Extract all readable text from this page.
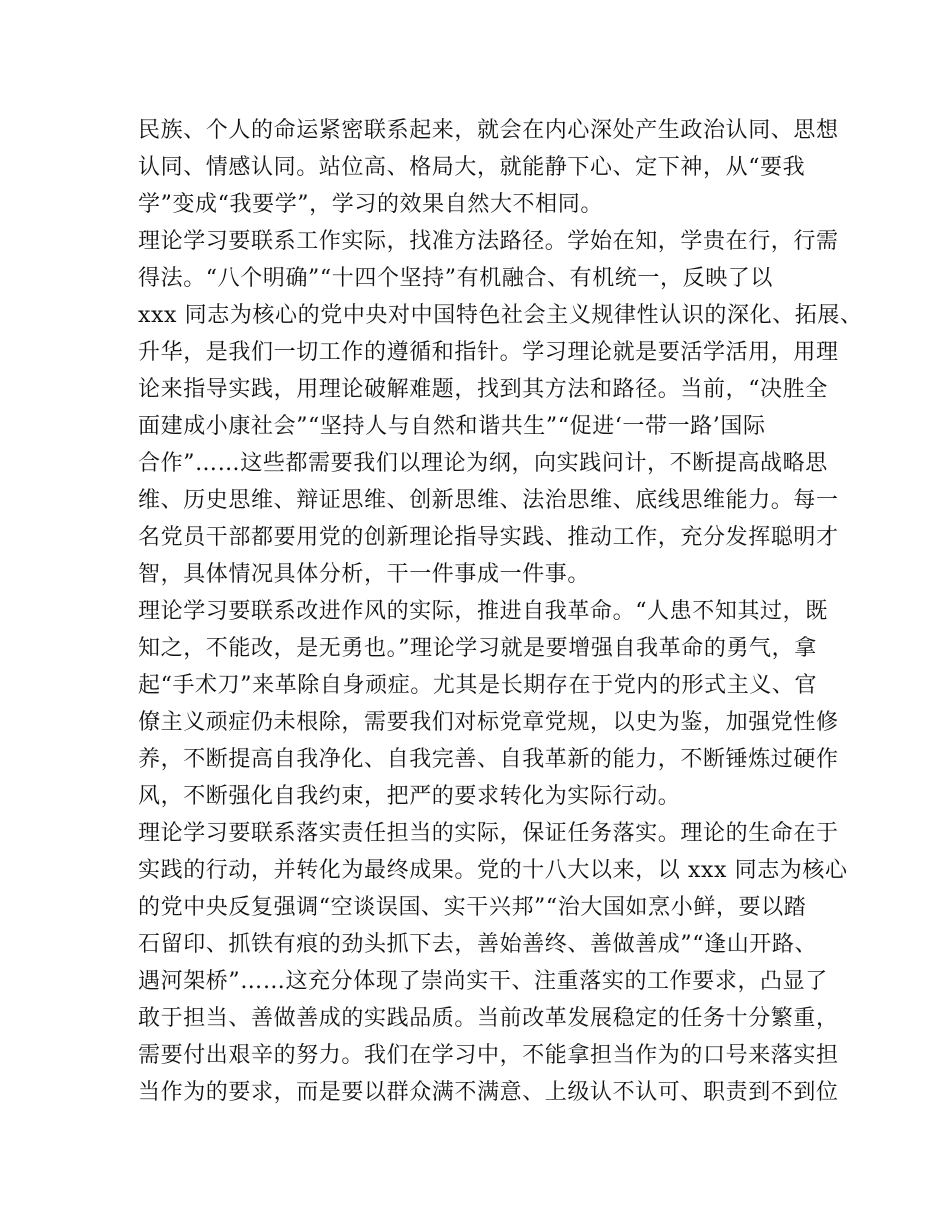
民族、个人的命运紧密联系起来，就会在内心深处产生政治认同、思想
认同、情感认同。站位高、格局大，就能静下心、定下神，从“要我
学”变成“我要学”，学习的效果自然大不相同。
理论学习要联系工作实际，找准方法路径。学始在知，学贵在行，行需
得法。“八个明确”“十四个坚持”有机融合、有机统一，反映了以
xxx 同志为核心的党中央对中国特色社会主义规律性认识的深化、拓展、
升华，是我们一切工作的遵循和指针。学习理论就是要活学活用，用理
论来指导实践，用理论破解难题，找到其方法和路径。当前，“决胜全
面建成小康社会”“坚持人与自然和谐共生”“促进‘一带一路’国际
合作”……这些都需要我们以理论为纲，向实践问计，不断提高战略思
维、历史思维、辩证思维、创新思维、法治思维、底线思维能力。每一
名党员干部都要用党的创新理论指导实践、推动工作，充分发挥聪明才
智，具体情况具体分析，干一件事成一件事。
理论学习要联系改进作风的实际，推进自我革命。“人患不知其过，既
知之，不能改，是无勇也。”理论学习就是要增强自我革命的勇气，拿
起“手术刀”来革除自身顽症。尤其是长期存在于党内的形式主义、官
僚主义顽症仍未根除，需要我们对标党章党规，以史为鉴，加强党性修
养，不断提高自我净化、自我完善、自我革新的能力，不断锤炼过硬作
风，不断强化自我约束，把严的要求转化为实际行动。
理论学习要联系落实责任担当的实际，保证任务落实。理论的生命在于
实践的行动，并转化为最终成果。党的十八大以来，以 xxx 同志为核心
的党中央反复强调“空谈误国、实干兴邦”“治大国如烹小鲜，要以踏
石留印、抓铁有痕的劲头抓下去，善始善终、善做善成”“逢山开路、
遇河架桥”……这充分体现了崇尚实干、注重落实的工作要求，凸显了
敢于担当、善做善成的实践品质。当前改革发展稳定的任务十分繁重，
需要付出艰辛的努力。我们在学习中，不能拿担当作为的口号来落实担
当作为的要求，而是要以群众满不满意、上级认不认可、职责到不到位
